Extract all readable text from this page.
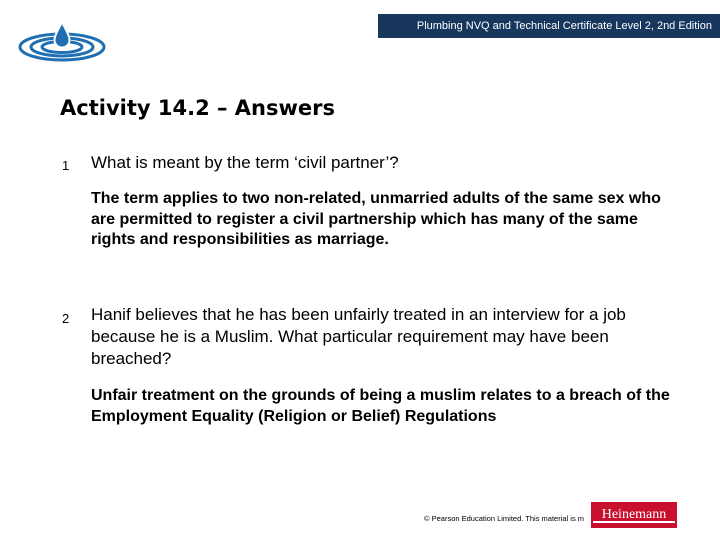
Plumbing NVQ and Technical Certificate Level 2, 2nd Edition
Activity 14.2 – Answers
1 What is meant by the term ‘civil partner’?

The term applies to two non-related, unmarried adults of the same sex who are permitted to register a civil partnership which has many of the same rights and responsibilities as marriage.

2 Hanif believes that he has been unfairly treated in an interview for a job because he is a Muslim. What particular requirement may have been breached?

Unfair treatment on the grounds of being a muslim relates to a breach of the Employment Equality (Religion or Belief) Regulations

© Pearson Education Limited. This material is m	Heinemann
